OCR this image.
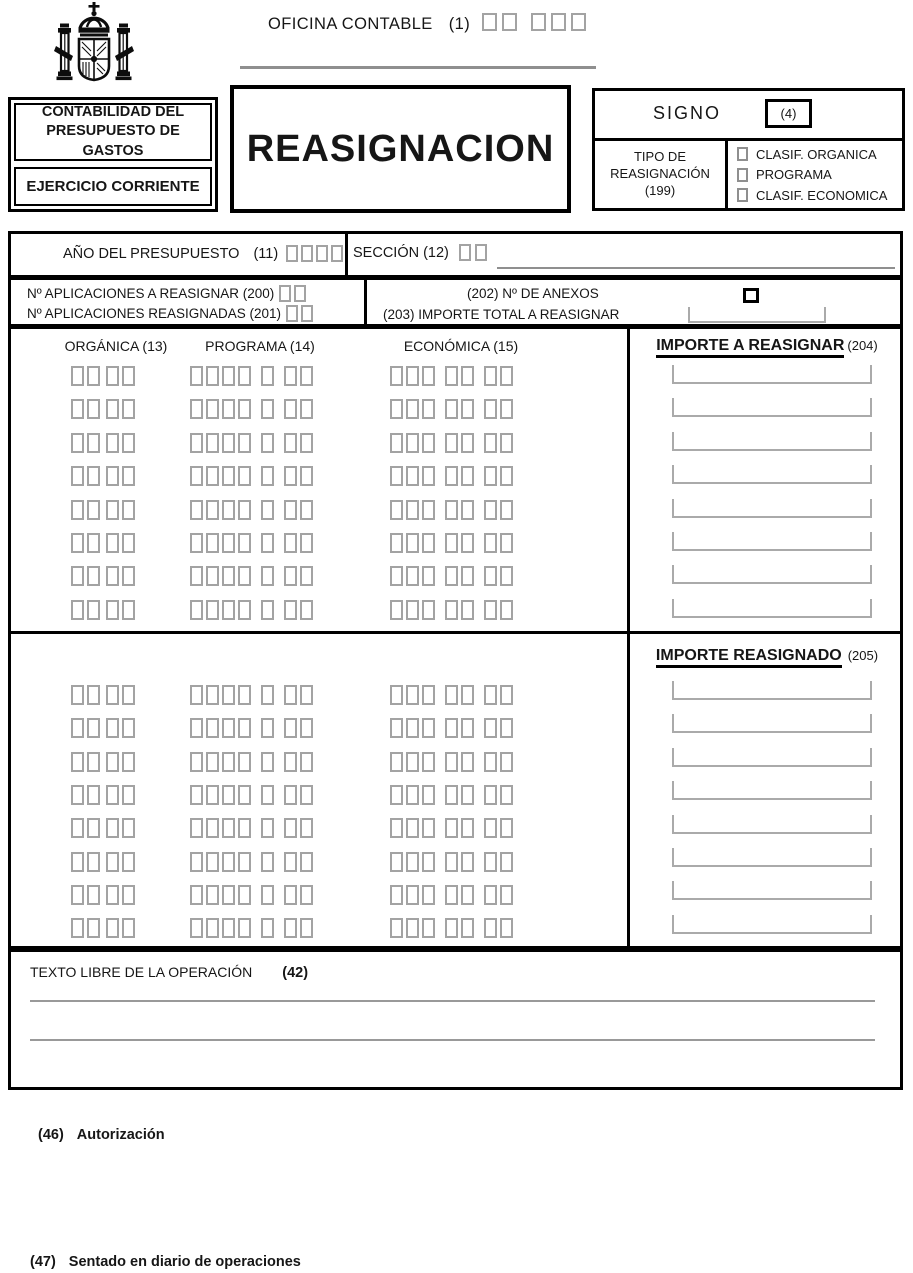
OFICINA CONTABLE (1)
CONTABILIDAD DEL
PRESUPUESTO DE GASTOS
EJERCICIO CORRIENTE
REASIGNACION
SIGNO	(4)
TIPO DE
REASIGNACIÓN
(199)
CLASIF. ORGANICA
PROGRAMA
CLASIF. ECONOMICA
AÑO DEL PRESUPUESTO (11)	SECCIÓN (12)
Nº APLICACIONES A REASIGNAR (200)
Nº APLICACIONES REASIGNADAS (201)
(202) Nº DE ANEXOS
(203) IMPORTE TOTAL A REASIGNAR
ORGÁNICA (13)	PROGRAMA (14)	ECONÓMICA (15)	IMPORTE A REASIGNAR (204)
IMPORTE REASIGNADO (205)
TEXTO LIBRE DE LA OPERACIÓN (42)
(46) Autorización
(47) Sentado en diario de operaciones
